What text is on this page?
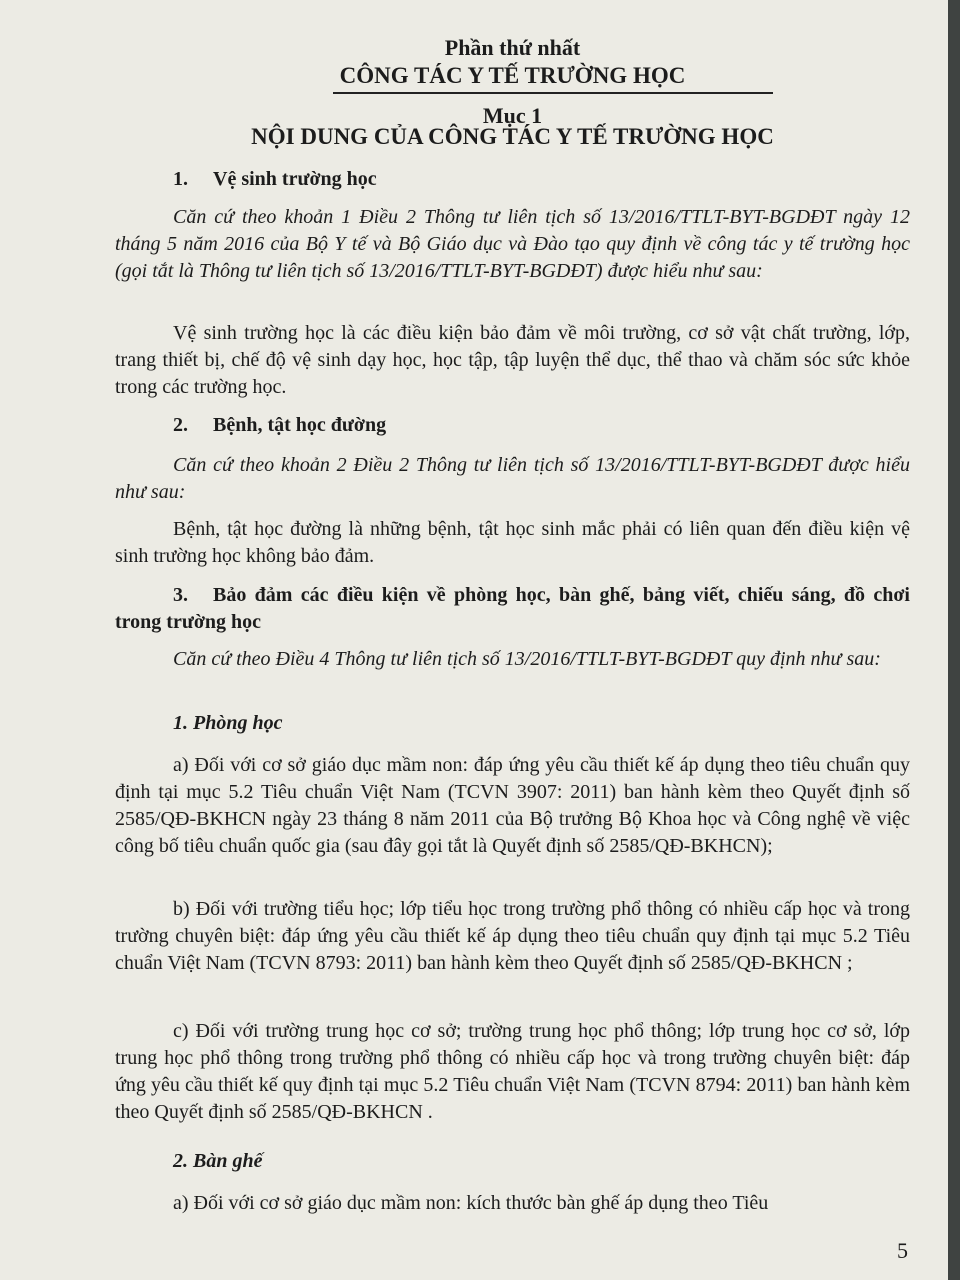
Phần thứ nhất
CÔNG TÁC Y TẾ TRƯỜNG HỌC
Mục 1
NỘI DUNG CỦA CÔNG TÁC Y TẾ TRƯỜNG HỌC
1. Vệ sinh trường học

Căn cứ theo khoản 1 Điều 2 Thông tư liên tịch số 13/2016/TTLT-BYT-BGDĐT ngày 12 tháng 5 năm 2016 của Bộ Y tế và Bộ Giáo dục và Đào tạo quy định về công tác y tế trường học (gọi tắt là Thông tư liên tịch số 13/2016/TTLT-BYT-BGDĐT) được hiểu như sau:

Vệ sinh trường học là các điều kiện bảo đảm về môi trường, cơ sở vật chất trường, lớp, trang thiết bị, chế độ vệ sinh dạy học, học tập, tập luyện thể dục, thể thao và chăm sóc sức khỏe trong các trường học.

2. Bệnh, tật học đường

Căn cứ theo khoản 2 Điều 2 Thông tư liên tịch số 13/2016/TTLT-BYT-BGDĐT được hiểu như sau:

Bệnh, tật học đường là những bệnh, tật học sinh mắc phải có liên quan đến điều kiện vệ sinh trường học không bảo đảm.

3. Bảo đảm các điều kiện về phòng học, bàn ghế, bảng viết, chiếu sáng, đồ chơi trong trường học

Căn cứ theo Điều 4 Thông tư liên tịch số 13/2016/TTLT-BYT-BGDĐT quy định như sau:

1. Phòng học

a) Đối với cơ sở giáo dục mầm non: đáp ứng yêu cầu thiết kế áp dụng theo tiêu chuẩn quy định tại mục 5.2 Tiêu chuẩn Việt Nam (TCVN 3907: 2011) ban hành kèm theo Quyết định số 2585/QĐ-BKHCN ngày 23 tháng 8 năm 2011 của Bộ trưởng Bộ Khoa học và Công nghệ về việc công bố tiêu chuẩn quốc gia (sau đây gọi tắt là Quyết định số 2585/QĐ-BKHCN);

b) Đối với trường tiểu học; lớp tiểu học trong trường phổ thông có nhiều cấp học và trong trường chuyên biệt: đáp ứng yêu cầu thiết kế áp dụng theo tiêu chuẩn quy định tại mục 5.2 Tiêu chuẩn Việt Nam (TCVN 8793: 2011) ban hành kèm theo Quyết định số 2585/QĐ-BKHCN ;

c) Đối với trường trung học cơ sở; trường trung học phổ thông; lớp trung học cơ sở, lớp trung học phổ thông trong trường phổ thông có nhiều cấp học và trong trường chuyên biệt: đáp ứng yêu cầu thiết kế quy định tại mục 5.2 Tiêu chuẩn Việt Nam (TCVN 8794: 2011) ban hành kèm theo Quyết định số 2585/QĐ-BKHCN .

2. Bàn ghế

a) Đối với cơ sở giáo dục mầm non: kích thước bàn ghế áp dụng theo Tiêu

5
